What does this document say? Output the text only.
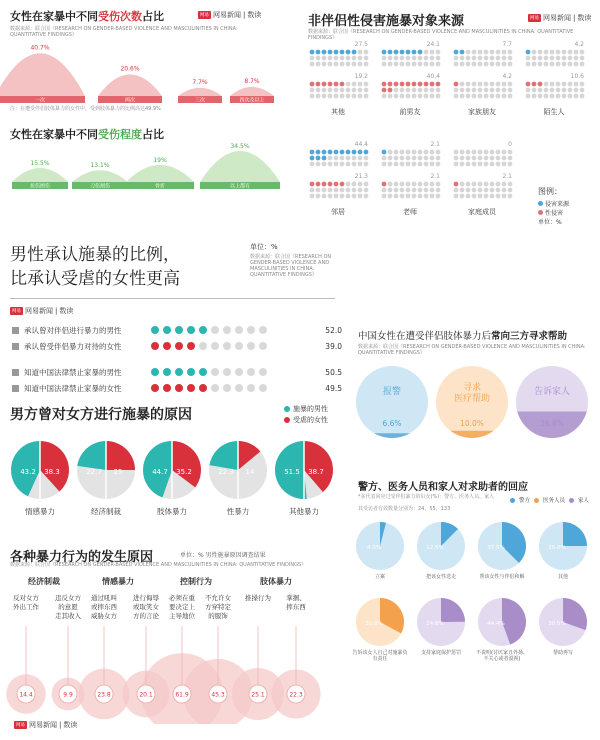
女性在家暴中不同受伤次数占比	网易 网易新闻 | 数读
数据来源：联合国《RESEARCH ON GENDER-BASED VIOLENCE AND MASCULINITIES IN CHINA: QUANTITATIVE FINDINGS》
40.7%
一次
20.6%
两次
7.7%
三次
8.7%
四次及以上
注：在遭受伴侣肢体暴力的女性中，受到肢体暴力的比例高达49.9%
女性在家暴中不同受伤程度占比
15.5%
扭伤擦伤
13.1%
刀伤割伤
19%
骨折
34.5%
以上都有
非伴侣性侵害施暴对象来源	网易 网易新闻 | 数读
数据来源：联合国《RESEARCH ON GENDER-BASED VIOLENCE AND MASCULINITIES IN CHINA: QUANTITATIVE FINDINGS》
27.5
19.2
其他
24.1
40.4
前男友
7.7
4.2
家族朋友
4.2
10.6
陌生人
44.4
21.3
邻居
2.1
2.1
老师
0
2.1
家庭成员
图例：
侵害来源
性侵害
单位：%
男性承认施暴的比例，
比承认受虐的女性更高
单位：%
数据来源：联合国《RESEARCH ON GENDER-BASED VIOLENCE AND MASCULINITIES IN CHINA: QUANTITATIVE FINDINGS》
网易 网易新闻 | 数读
承认曾对伴侣进行暴力的男性	52.0
承认曾受伴侣暴力对待的女性	39.0
知道中国法律禁止家暴的男性	50.5
知道中国法律禁止家暴的女性	49.5
男方曾对女方进行施暴的原因	施暴的男性
受虐的女性
43.2 38.3
情感暴力
22.7 25
经济制裁
44.7 35.2
肢体暴力
22.3 14
性暴力
51.5 38.7
其他暴力
中国女性在遭受伴侣肢体暴力后常向三方寻求帮助
数据来源：联合国《RESEARCH ON GENDER-BASED VIOLENCE AND MASCULINITIES IN CHINA: QUANTITATIVE FINDINGS》
报警
6.6%
寻求
医疗帮助
10.0%
告诉家人
36.8%
警方、医务人员和家人对求助者的回应
*多代表回应过受伴侣暴力的妇女(%)：警方、医务人员、家人
其受访者有效数量分别为：24、55、133
警方 医务人员 家人
4.0%
立案
12.5%
把该女性送走
37.5%
帮该女性与伴侣和解
25.0%
其他
32.9%
告诉该女人自己对施暴负
有责任
24.8%
支持家庭保护惩罚
44.4%
不说明(讨厌家丑外扬、
不关心或者漠视)
30.5%
帮助再写
各种暴力行为的发生原因	单位：% 男性施暴原因调查结果
数据来源：联合国《RESEARCH ON GENDER-BASED VIOLENCE AND MASCULINITIES IN CHINA: QUANTITATIVE FINDINGS》
经济制裁	情感暴力	控制行为	肢体暴力
反对女方
外出工作
14.4
违反女方
的意愿
走其收入
9.9
通过吼叫
或摔东西
威胁女方
23.8
进行侮辱
或取笑女
方的言论
20.1
必须在重
要决定上
主导地位
61.9
不允许女
方穿特定
的服饰
45.3
推搡行为
25.1
掌掴、
摔东西
22.3
网易 网易新闻 | 数读
